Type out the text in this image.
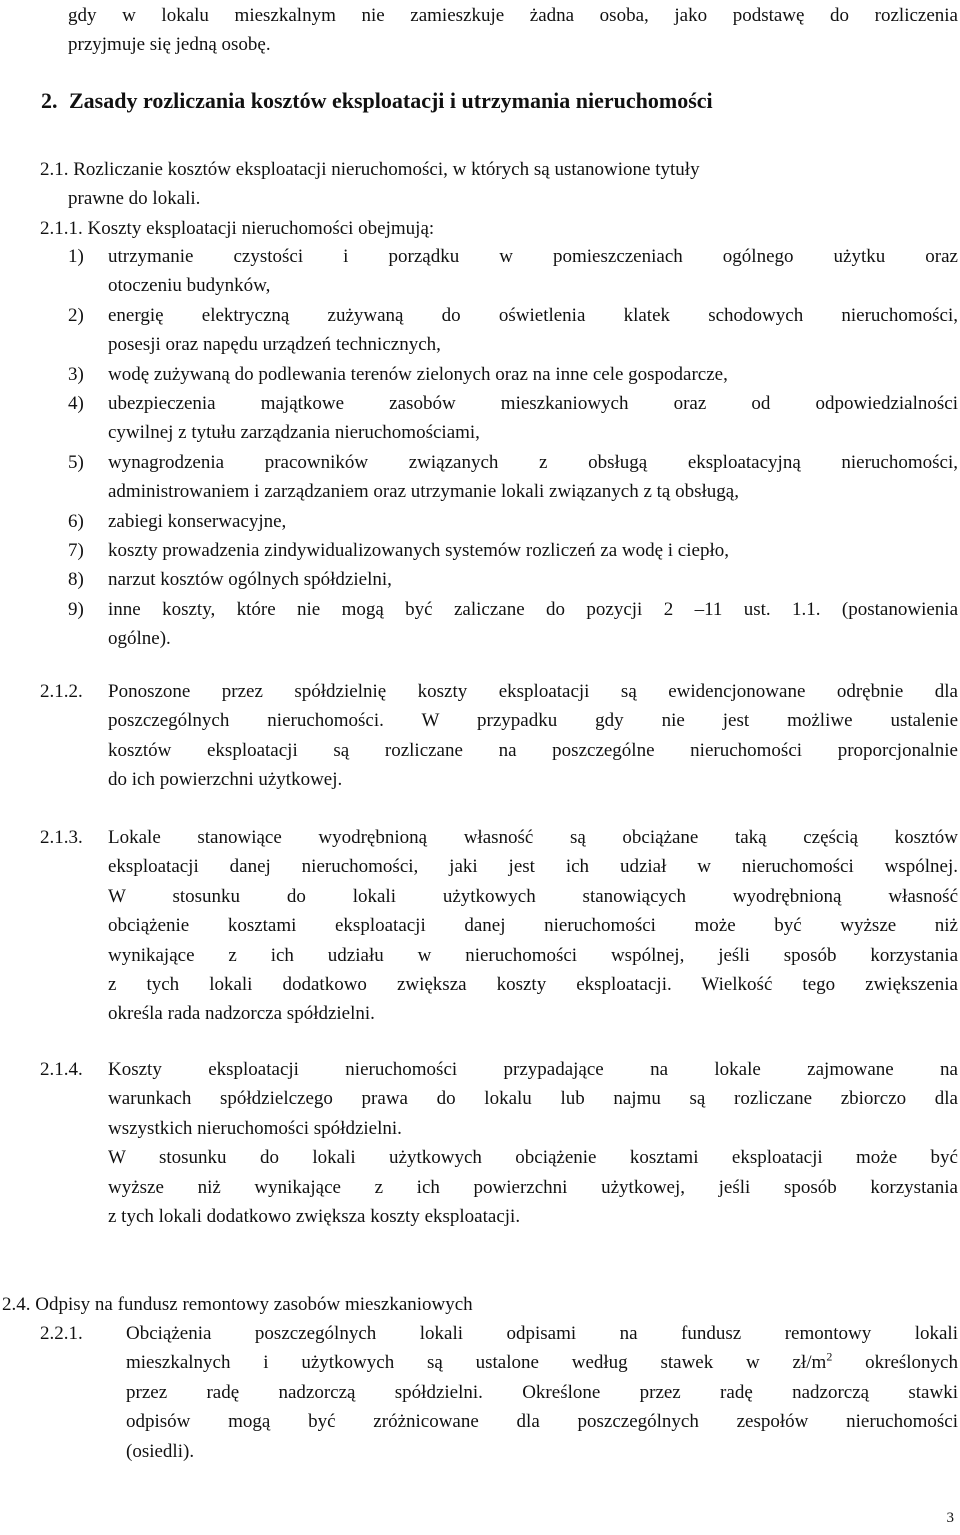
gdy w lokalu mieszkalnym nie zamieszkuje żadna osoba, jako podstawę do rozliczenia
przyjmuje się jedną osobę.
2. Zasady rozliczania kosztów eksploatacji i utrzymania nieruchomości
2.1. Rozliczanie kosztów eksploatacji nieruchomości, w których są ustanowione tytuły
prawne do lokali.
2.1.1. Koszty eksploatacji nieruchomości obejmują:
1) utrzymanie czystości i porządku w pomieszczeniach ogólnego użytku oraz
otoczeniu budynków,
2) energię elektryczną zużywaną do oświetlenia klatek schodowych nieruchomości,
posesji oraz napędu urządzeń technicznych,
3) wodę zużywaną do podlewania terenów zielonych oraz na inne cele gospodarcze,
4) ubezpieczenia majątkowe zasobów mieszkaniowych oraz od odpowiedzialności
cywilnej z tytułu zarządzania nieruchomościami,
5) wynagrodzenia pracowników związanych z obsługą eksploatacyjną nieruchomości,
administrowaniem i zarządzaniem oraz utrzymanie lokali związanych z tą obsługą,
6) zabiegi konserwacyjne,
7) koszty prowadzenia zindywidualizowanych systemów rozliczeń za wodę i ciepło,
8) narzut kosztów ogólnych spółdzielni,
9) inne koszty, które nie mogą być zaliczane do pozycji 2 –11 ust. 1.1. (postanowienia
ogólne).
2.1.2. Ponoszone przez spółdzielnię koszty eksploatacji są ewidencjonowane odrębnie dla
poszczególnych nieruchomości. W przypadku gdy nie jest możliwe ustalenie
kosztów eksploatacji są rozliczane na poszczególne nieruchomości proporcjonalnie
do ich powierzchni użytkowej.
2.1.3. Lokale stanowiące wyodrębnioną własność są obciążane taką częścią kosztów
eksploatacji danej nieruchomości, jaki jest ich udział w nieruchomości wspólnej.
W stosunku do lokali użytkowych stanowiących wyodrębnioną własność
obciążenie kosztami eksploatacji danej nieruchomości może być wyższe niż
wynikające z ich udziału w nieruchomości wspólnej, jeśli sposób korzystania
z tych lokali dodatkowo zwiększa koszty eksploatacji. Wielkość tego zwiększenia
określa rada nadzorcza spółdzielni.
2.1.4. Koszty eksploatacji nieruchomości przypadające na lokale zajmowane na
warunkach spółdzielczego prawa do lokalu lub najmu są rozliczane zbiorczo dla
wszystkich nieruchomości spółdzielni.
W stosunku do lokali użytkowych obciążenie kosztami eksploatacji może być
wyższe niż wynikające z ich powierzchni użytkowej, jeśli sposób korzystania
z tych lokali dodatkowo zwiększa koszty eksploatacji.
2.4. Odpisy na fundusz remontowy zasobów mieszkaniowych
2.2.1. Obciążenia poszczególnych lokali odpisami na fundusz remontowy lokali
mieszkalnych i użytkowych są ustalone według stawek w $zł/m^2$ określonych
przez radę nadzorczą spółdzielni. Określone przez radę nadzorczą stawki
odpisów mogą być zróżnicowane dla poszczególnych zespołów nieruchomości
(osiedli).
3
